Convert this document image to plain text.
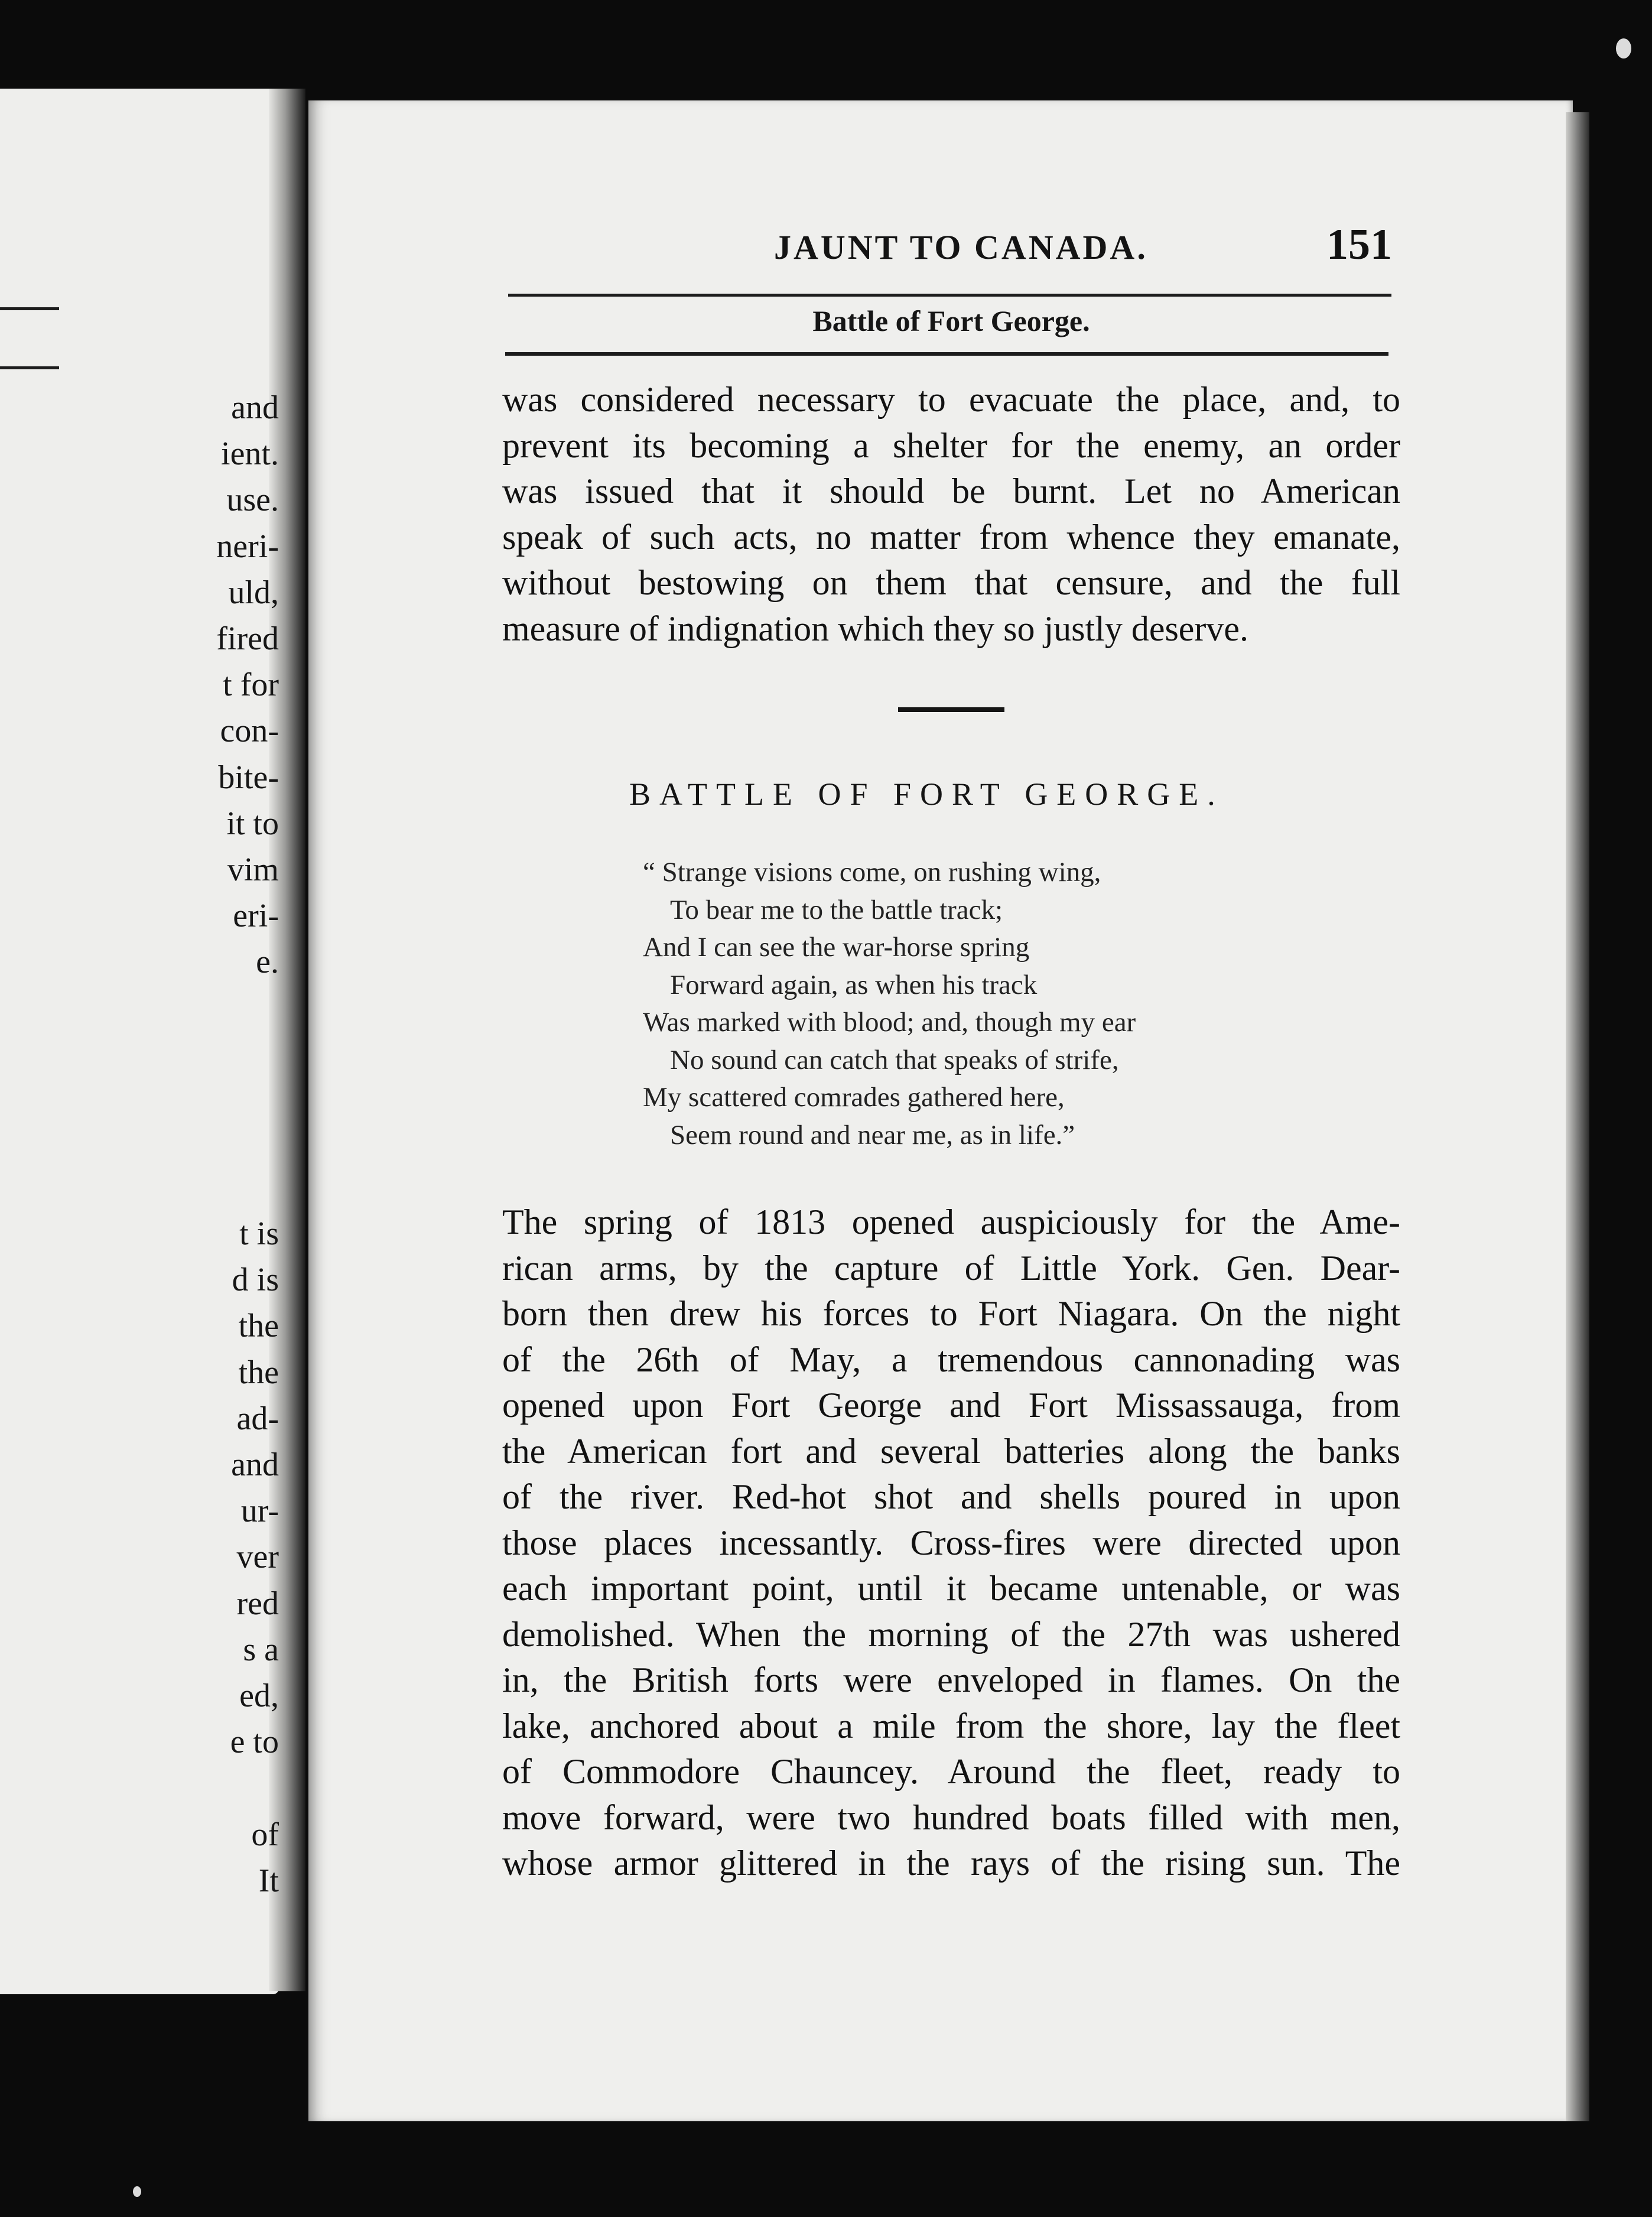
and
ient.
use.
neri-
uld,
fired
t for
con-
bite-
it to
vim
eri-
e.
t is
d is
the
the
ad-
and
ur-
ver
red
s a
ed,
e to
of
It
JAUNT TO CANADA.	151
Battle of Fort George.
was considered necessary to evacuate the place, and, to
prevent its becoming a shelter for the enemy, an order
was issued that it should be burnt. Let no American
speak of such acts, no matter from whence they emanate,
without bestowing on them that censure, and the full
measure of indignation which they so justly deserve.
BATTLE OF FORT GEORGE.
“ Strange visions come, on rushing wing,
To bear me to the battle track;
And I can see the war-horse spring
Forward again, as when his track
Was marked with blood; and, though my ear
No sound can catch that speaks of strife,
My scattered comrades gathered here,
Seem round and near me, as in life.”
The spring of 1813 opened auspiciously for the Ame-
rican arms, by the capture of Little York. Gen. Dear-
born then drew his forces to Fort Niagara. On the night
of the 26th of May, a tremendous cannonading was
opened upon Fort George and Fort Missassauga, from
the American fort and several batteries along the banks
of the river. Red-hot shot and shells poured in upon
those places incessantly. Cross-fires were directed upon
each important point, until it became untenable, or was
demolished. When the morning of the 27th was ushered
in, the British forts were enveloped in flames. On the
lake, anchored about a mile from the shore, lay the fleet
of Commodore Chauncey. Around the fleet, ready to
move forward, were two hundred boats filled with men,
whose armor glittered in the rays of the rising sun. The
